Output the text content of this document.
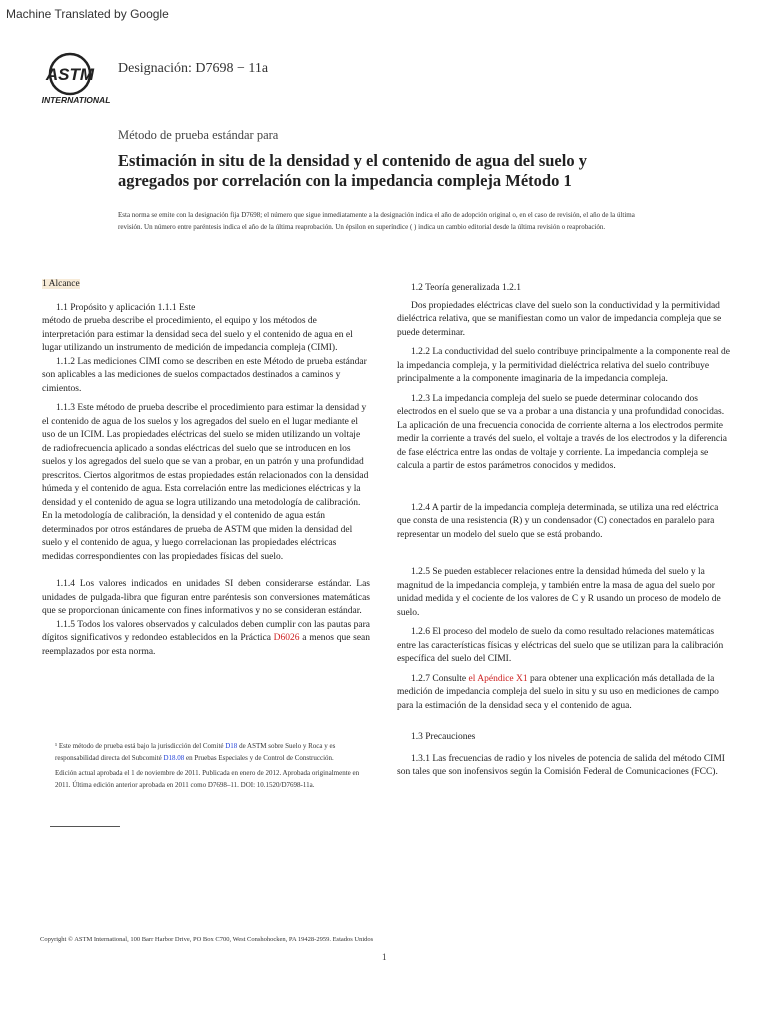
Machine Translated by Google
ASTM
INTERNATIONAL
Designación: D7698 − 11a
Método de prueba estándar para
Estimación in situ de la densidad y el contenido de agua del suelo y agregados por correlación con la impedancia compleja Método 1
Esta norma se emite con la designación fija D7698; el número que sigue inmediatamente a la designación indica el año de adopción original o, en el caso de revisión, el año de la última revisión. Un número entre paréntesis indica el año de la última reaprobación. Un épsilon en superíndice ( ) indica un cambio editorial desde la última revisión o reaprobación.

1 Alcance

1.1 Propósito y aplicación 1.1.1 Este

método de prueba describe el procedimiento, el equipo y los métodos de interpretación para estimar la densidad seca del suelo y el contenido de agua en el lugar utilizando un instrumento de medición de impedancia compleja (CIMI).

1.1.2 Las mediciones CIMI como se describen en este Método de prueba estándar son aplicables a las mediciones de suelos compactados destinados a caminos y cimientos.

1.1.3 Este método de prueba describe el procedimiento para estimar la densidad y el contenido de agua de los suelos y los agregados del suelo en el lugar mediante el uso de un ICIM. Las propiedades eléctricas del suelo se miden utilizando un voltaje de radiofrecuencia aplicado a sondas eléctricas del suelo que se introducen en los suelos y los agregados del suelo que se van a probar, en un patrón y una profundidad prescritos. Ciertos algoritmos de estas propiedades están relacionados con la densidad húmeda y el contenido de agua. Esta correlación entre las mediciones eléctricas y la densidad y el contenido de agua se logra utilizando una metodología de calibración. En la metodología de calibración, la densidad y el contenido de agua están determinados por otros estándares de prueba de ASTM que miden la densidad del suelo y el contenido de agua, y luego correlacionan las propiedades eléctricas medidas correspondientes con las propiedades físicas del suelo.

1.1.4 Los valores indicados en unidades SI deben considerarse estándar. Las unidades de pulgada-libra que figuran entre paréntesis son conversiones matemáticas que se proporcionan únicamente con fines informativos y no se consideran estándar.

1.1.5 Todos los valores observados y calculados deben cumplir con las pautas para dígitos significativos y redondeo establecidos en la Práctica D6026 a menos que sean reemplazados por esta norma.

¹ Este método de prueba está bajo la jurisdicción del Comité D18 de ASTM sobre Suelo y Roca y es responsabilidad directa del Subcomité D18.08 en Pruebas Especiales y de Control de Construcción.

Edición actual aprobada el 1 de noviembre de 2011. Publicada en enero de 2012. Aprobada originalmente en 2011. Última edición anterior aprobada en 2011 como D7698–11. DOI: 10.1520/D7698-11a.

1.2 Teoría generalizada 1.2.1

Dos propiedades eléctricas clave del suelo son la conductividad y la permitividad dieléctrica relativa, que se manifiestan como un valor de impedancia compleja que se puede determinar.

1.2.2 La conductividad del suelo contribuye principalmente a la componente real de la impedancia compleja, y la permitividad dieléctrica relativa del suelo contribuye principalmente a la componente imaginaria de la impedancia compleja.

1.2.3 La impedancia compleja del suelo se puede determinar colocando dos electrodos en el suelo que se va a probar a una distancia y una profundidad conocidas. La aplicación de una frecuencia conocida de corriente alterna a los electrodos permite medir la corriente a través del suelo, el voltaje a través de los electrodos y la diferencia de fase eléctrica entre las ondas de voltaje y corriente. La impedancia compleja se calcula a partir de estos parámetros conocidos y medidos.

1.2.4 A partir de la impedancia compleja determinada, se utiliza una red eléctrica que consta de una resistencia (R) y un condensador (C) conectados en paralelo para representar un modelo del suelo que se está probando.

1.2.5 Se pueden establecer relaciones entre la densidad húmeda del suelo y la magnitud de la impedancia compleja, y también entre la masa de agua del suelo por unidad medida y el cociente de los valores de C y R usando un proceso de modelo de suelo.

1.2.6 El proceso del modelo de suelo da como resultado relaciones matemáticas entre las características físicas y eléctricas del suelo que se utilizan para la calibración específica del suelo del CIMI.

1.2.7 Consulte el Apéndice X1 para obtener una explicación más detallada de la medición de impedancia compleja del suelo in situ y su uso en mediciones de campo para la estimación de la densidad seca y el contenido de agua.

1.3 Precauciones

1.3.1 Las frecuencias de radio y los niveles de potencia de salida del método CIMI son tales que son inofensivos según la Comisión Federal de Comunicaciones (FCC).

Copyright © ASTM International, 100 Barr Harbor Drive, PO Box C700, West Conshohocken, PA 19428-2959. Estados Unidos
1
